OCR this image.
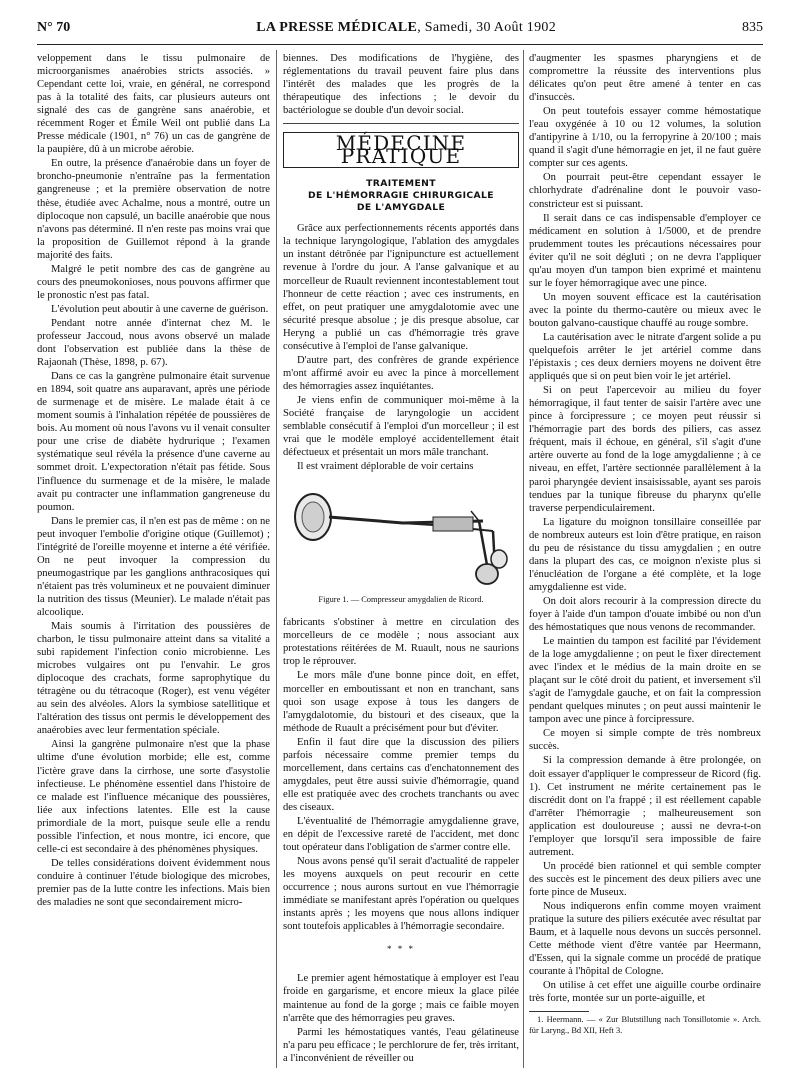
N° 70	LA PRESSE MÉDICALE, Samedi, 30 Août 1902	835

veloppement dans le tissu pulmonaire de microorganismes anaérobies stricts associés. » Cependant cette loi, vraie, en général, ne correspond pas à la totalité des faits, car plusieurs auteurs ont signalé des cas de gangrène sans anaérobie, et récemment Roger et Émile Weil ont publié dans La Presse médicale (1901, n° 76) un cas de gangrène de la paupière, dû à un microbe aérobie.

En outre, la présence d'anaérobie dans un foyer de broncho-pneumonie n'entraîne pas la fermentation gangreneuse ; et la première observation de notre thèse, étudiée avec Achalme, nous a montré, outre un diplocoque non capsulé, un bacille anaérobie que nous n'avons pas déterminé. Il n'en reste pas moins vrai que la proposition de Guillemot répond à la grande majorité des faits.

Malgré le petit nombre des cas de gangrène au cours des pneumokonioses, nous pouvons affirmer que le pronostic n'est pas fatal.

L'évolution peut aboutir à une caverne de guérison.

Pendant notre année d'internat chez M. le professeur Jaccoud, nous avons observé un malade dont l'observation est publiée dans la thèse de Rajaonah (Thèse, 1898, p. 67).

Dans ce cas la gangrène pulmonaire était survenue en 1894, soit quatre ans auparavant, après une période de surmenage et de misère. Le malade était à ce moment soumis à l'inhalation répétée de poussières de bois. Au moment où nous l'avons vu il venait consulter pour une crise de diabète hydrurique ; l'examen systématique seul révéla la présence d'une caverne au sommet droit. L'expectoration n'était pas fétide. Sous l'influence du surmenage et de la misère, le malade avait pu contracter une inflammation gangreneuse du poumon.

Dans le premier cas, il n'en est pas de même : on ne peut invoquer l'embolie d'origine otique (Guillemot) ; l'intégrité de l'oreille moyenne et interne a été vérifiée. On ne peut invoquer la compression du pneumogastrique par les ganglions anthracosiques qui n'étaient pas très volumineux et ne pouvaient diminuer la nutrition des tissus (Meunier). Le malade n'était pas alcoolique.

Mais soumis à l'irritation des poussières de charbon, le tissu pulmonaire atteint dans sa vitalité a subi rapidement l'infection conio microbienne. Les microbes vulgaires ont pu l'envahir. Le gros diplocoque des crachats, forme saprophytique du tétragène ou du tétracoque (Roger), est venu végéter au sein des alvéoles. Alors la symbiose satellitique et l'altération des tissus ont permis le développement des anaérobies avec leur fermentation spéciale.

Ainsi la gangrène pulmonaire n'est que la phase ultime d'une évolution morbide; elle est, comme l'ictère grave dans la cirrhose, une sorte d'asystolie infectieuse. Le phénomène essentiel dans l'histoire de ce malade est l'influence mécanique des poussières, liée aux infections latentes. Elle est la cause primordiale de la mort, puisque seule elle a rendu possible l'infection, et nous montre, ici encore, que celle-ci est secondaire à des phénomènes physiques.

De telles considérations doivent évidemment nous conduire à continuer l'étude biologique des microbes, premier pas de la lutte contre les infections. Mais bien des maladies ne sont que secondairement micro-

biennes. Des modifications de l'hygiène, des réglementations du travail peuvent faire plus dans l'intérêt des malades que les progrès de la thérapeutique des infections ; le devoir du bactériologue se double d'un devoir social.

MÉDECINE PRATIQUE
TRAITEMENT
DE L'HÉMORRAGIE CHIRURGICALE
DE L'AMYGDALE

Grâce aux perfectionnements récents apportés dans la technique laryngologique, l'ablation des amygdales un instant détrônée par l'ignipuncture est actuellement revenue à l'ordre du jour. A l'anse galvanique et au morcelleur de Ruault reviennent incontestablement tout l'honneur de cette réaction ; avec ces instruments, en effet, on peut pratiquer une amygdalotomie avec une sécurité presque absolue ; je dis presque absolue, car Heryng a publié un cas d'hémorragie très grave consécutive à l'emploi de l'anse galvanique.

D'autre part, des confrères de grande expérience m'ont affirmé avoir eu avec la pince à morcellement des hémorragies assez inquiétantes.

Je viens enfin de communiquer moi-même à la Société française de laryngologie un accident semblable consécutif à l'emploi d'un morcelleur ; il est vrai que le modèle employé accidentellement était défectueux et présentait un mors mâle tranchant.

Il est vraiment déplorable de voir certains

Figure 1. — Compresseur amygdalien de Ricord.

fabricants s'obstiner à mettre en circulation des morcelleurs de ce modèle ; nous associant aux protestations réitérées de M. Ruault, nous ne saurions trop le réprouver.

Le mors mâle d'une bonne pince doit, en effet, morceller en emboutissant et non en tranchant, sans quoi son usage expose à tous les dangers de l'amygdalotomie, du bistouri et des ciseaux, que la méthode de Ruault a précisément pour but d'éviter.

Enfin il faut dire que la discussion des piliers parfois nécessaire comme premier temps du morcellement, dans certains cas d'enchatonnement des amygdales, peut être aussi suivie d'hémorragie, quand elle est pratiquée avec des crochets tranchants ou avec des ciseaux.

L'éventualité de l'hémorragie amygdalienne grave, en dépit de l'excessive rareté de l'accident, met donc tout opérateur dans l'obligation de s'armer contre elle.

Nous avons pensé qu'il serait d'actualité de rappeler les moyens auxquels on peut recourir en cette occurrence ; nous aurons surtout en vue l'hémorragie immédiate se manifestant après l'opération ou quelques instants après ; les moyens que nous allons indiquer sont toutefois applicables à l'hémorragie secondaire.

* * *

Le premier agent hémostatique à employer est l'eau froide en gargarisme, et encore mieux la glace pilée maintenue au fond de la gorge ; mais ce faible moyen n'arrête que des hémorragies peu graves.

Parmi les hémostatiques vantés, l'eau gélatineuse n'a paru peu efficace ; le perchlorure de fer, très irritant, a l'inconvénient de réveiller ou

d'augmenter les spasmes pharyngiens et de compromettre la réussite des interventions plus délicates qu'on peut être amené à tenter en cas d'insuccès.

On peut toutefois essayer comme hémostatique l'eau oxygénée à 10 ou 12 volumes, la solution d'antipyrine à 1/10, ou la ferropyrine à 20/100 ; mais quand il s'agit d'une hémorragie en jet, il ne faut guère compter sur ces agents.

On pourrait peut-être cependant essayer le chlorhydrate d'adrénaline dont le pouvoir vaso-constricteur est si puissant.

Il serait dans ce cas indispensable d'employer ce médicament en solution à 1/5000, et de prendre prudemment toutes les précautions nécessaires pour éviter qu'il ne soit dégluti ; on ne devra l'appliquer qu'au moyen d'un tampon bien exprimé et maintenu sur le foyer hémorragique avec une pince.

Un moyen souvent efficace est la cautérisation avec la pointe du thermo-cautère ou mieux avec le bouton galvano-caustique chauffé au rouge sombre.

La cautérisation avec le nitrate d'argent solide a pu quelquefois arrêter le jet artériel comme dans l'épistaxis ; ces deux derniers moyens ne doivent être appliqués que si on peut bien voir le jet artériel.

Si on peut l'apercevoir au milieu du foyer hémorragique, il faut tenter de saisir l'artère avec une pince à forcipressure ; ce moyen peut réussir si l'hémorragie part des bords des piliers, cas assez fréquent, mais il échoue, en général, s'il s'agit d'une artère ouverte au fond de la loge amygdalienne ; à ce niveau, en effet, l'artère sectionnée parallèlement à la paroi pharyngée devient insaisissable, ayant ses parois tendues par la tunique fibreuse du pharynx qu'elle traverse perpendiculairement.

La ligature du moignon tonsillaire conseillée par de nombreux auteurs est loin d'être pratique, en raison du peu de résistance du tissu amygdalien ; en outre dans la plupart des cas, ce moignon n'existe plus si l'énucléation de l'organe a été complète, et la loge amygdalienne est vide.

On doit alors recourir à la compression directe du foyer à l'aide d'un tampon d'ouate imbibé ou non d'un des hémostatiques que nous venons de recommander.

Le maintien du tampon est facilité par l'évidement de la loge amygdalienne ; on peut le fixer directement avec l'index et le médius de la main droite en se plaçant sur le côté droit du patient, et inversement s'il s'agit de l'amygdale gauche, et on fait la compression pendant quelques minutes ; on peut aussi maintenir le tampon avec une pince à forcipressure.

Ce moyen si simple compte de très nombreux succès.

Si la compression demande à être prolongée, on doit essayer d'appliquer le compresseur de Ricord (fig. 1). Cet instrument ne mérite certainement pas le discrédit dont on l'a frappé ; il est réellement capable d'arrêter l'hémorragie ; malheureusement son application est douloureuse ; aussi ne devra-t-on l'employer que lorsqu'il sera impossible de faire autrement.

Un procédé bien rationnel et qui semble compter des succès est le pincement des deux piliers avec une forte pince de Museux.

Nous indiquerons enfin comme moyen vraiment pratique la suture des piliers exécutée avec résultat par Baum, et à laquelle nous devons un succès personnel. Cette méthode vient d'être vantée par Heermann, d'Essen, qui la signale comme un procédé de pratique courante à l'hôpital de Cologne.

On utilise à cet effet une aiguille courbe ordinaire très forte, montée sur un porte-aiguille, et

1. Heermann. — « Zur Blutstillung nach Tonsillotomie ». Arch. für Laryng., Bd XII, Heft 3.
